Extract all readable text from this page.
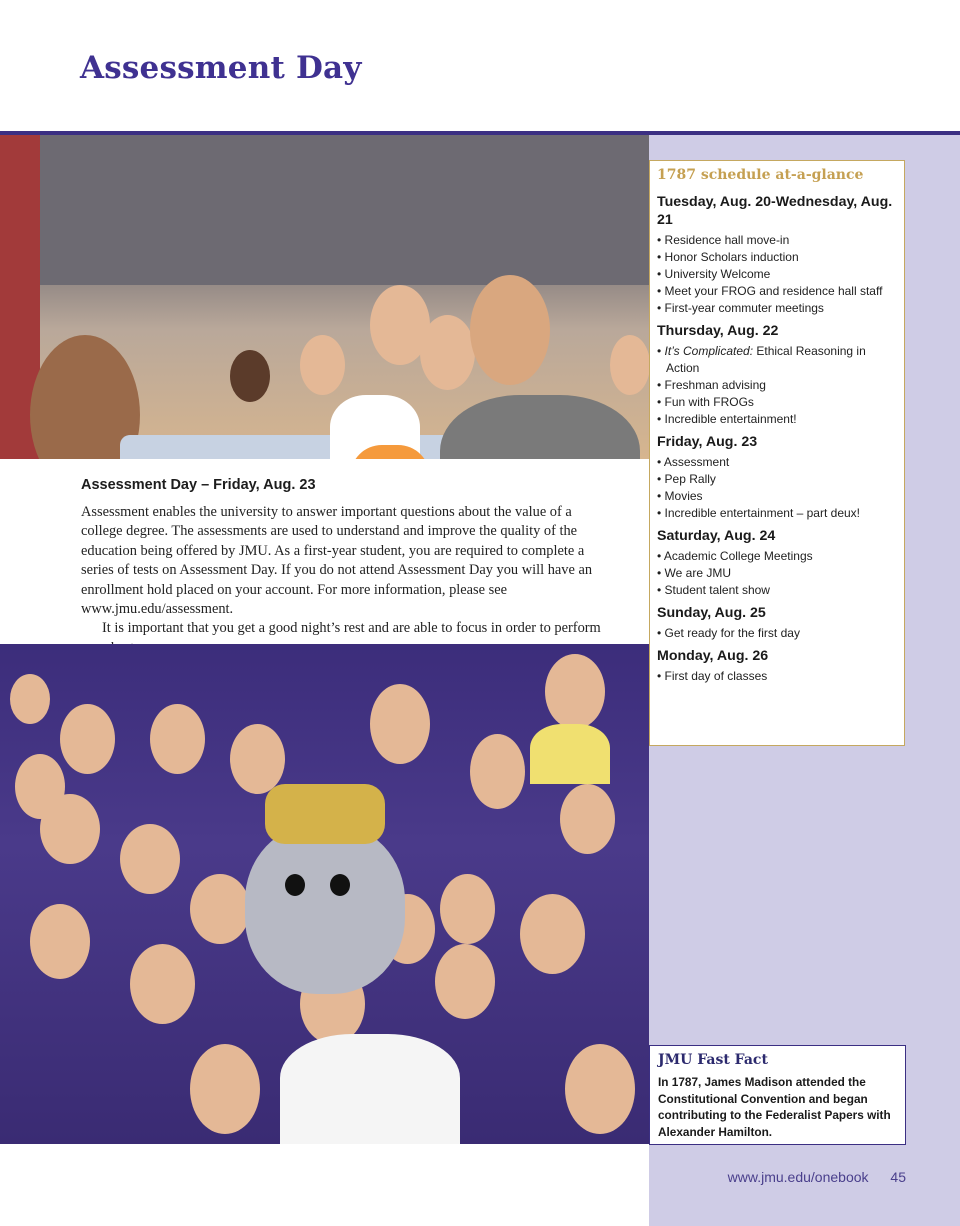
Assessment Day
Assessment Day – Friday, Aug. 23

Assessment enables the university to answer important questions about the value of a college degree. The assessments are used to understand and improve the quality of the education being offered by JMU. As a first-year student, you are required to complete a series of tests on Assessment Day. If you do not attend Assessment Day you will have an enrollment hold placed on your account. For more information, please see www.jmu.edu/assessment.

It is important that you get a good night’s rest and are able to focus in order to perform

1787 schedule at-a-glance

Tuesday, Aug. 20-Wednesday, Aug. 21

• Residence hall move-in
• Honor Scholars induction
• University Welcome
• Meet your FROG and residence hall staff
• First-year commuter meetings

Thursday, Aug. 22

• It’s Complicated: Ethical Reasoning in Action
• Freshman advising
• Fun with FROGs
• Incredible entertainment!

Friday, Aug. 23

• Assessment
• Pep Rally
• Movies
• Incredible entertainment – part deux!

Saturday, Aug. 24

• Academic College Meetings
• We are JMU
• Student talent show

Sunday, Aug. 25

• Get ready for the first day

Monday, Aug. 26

• First day of classes
JMU Fast Fact

In 1787, James Madison attended the Constitutional Convention and began contributing to the Federalist Papers with Alexander Hamilton.

www.jmu.edu/onebook 45
